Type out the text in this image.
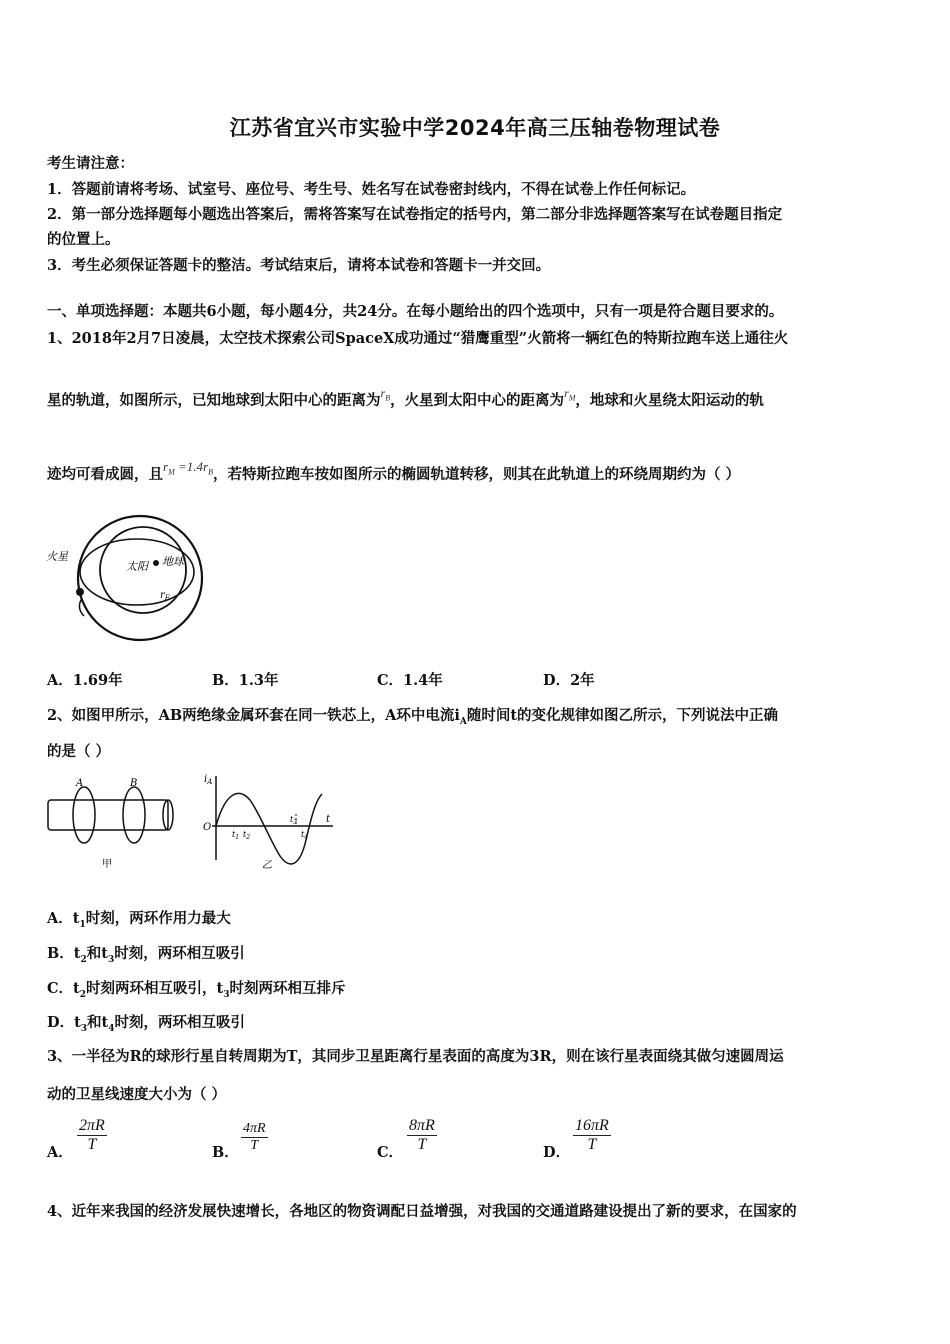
江苏省宜兴市实验中学2024年高三压轴卷物理试卷
考生请注意：
1．答题前请将考场、试室号、座位号、考生号、姓名写在试卷密封线内，不得在试卷上作任何标记。
2．第一部分选择题每小题选出答案后，需将答案写在试卷指定的括号内，第二部分非选择题答案写在试卷题目指定
的位置上。
3．考生必须保证答题卡的整洁。考试结束后，请将本试卷和答题卡一并交回。
一、单项选择题：本题共6小题，每小题4分，共24分。在每小题给出的四个选项中，只有一项是符合题目要求的。
1、2018年2月7日凌晨，太空技术探索公司SpaceX成功通过“猎鹰重型”火箭将一辆红色的特斯拉跑车送上通往火
星的轨道，如图所示，已知地球到太阳中心的距离为$^{r_B}$，火星到太阳中心的距离为$^{r_M}$，地球和火星绕太阳运动的轨
迹均可看成圆，且$r_M =1.4r_B$，若特斯拉跑车按如图所示的椭圆轨道转移，则其在此轨道上的环绕周期约为（ ）
火星
太阳 地球
$r_E$
A．1.69年	B．1.3年	C．1.4年	D．2年
2、如图甲所示，AB两绝缘金属环套在同一铁芯上，A环中电流$i_A$随时间t的变化规律如图乙所示，下列说法中正确
的是（ ）
A	B
甲
$i_A$
O
t
$t_1$ $t_2$
$t_3$
$t_4$
乙
A．$t_1$时刻，两环作用力最大
B．$t_2$和$t_3$时刻，两环相互吸引
C．$t_2$时刻两环相互吸引，$t_3$时刻两环相互排斥
D．$t_3$和$t_4$时刻，两环相互吸引
3、一半径为R的球形行星自转周期为T，其同步卫星距离行星表面的高度为3R，则在该行星表面绕其做匀速圆周运
动的卫星线速度大小为（ ）
A． $\frac{2\pi R}{T}$	B． $\frac{4\pi R}{T}$	C． $\frac{8\pi R}{T}$	D． $\frac{16\pi R}{T}$
4、近年来我国的经济发展快速增长，各地区的物资调配日益增强，对我国的交通道路建设提出了新的要求，在国家的
